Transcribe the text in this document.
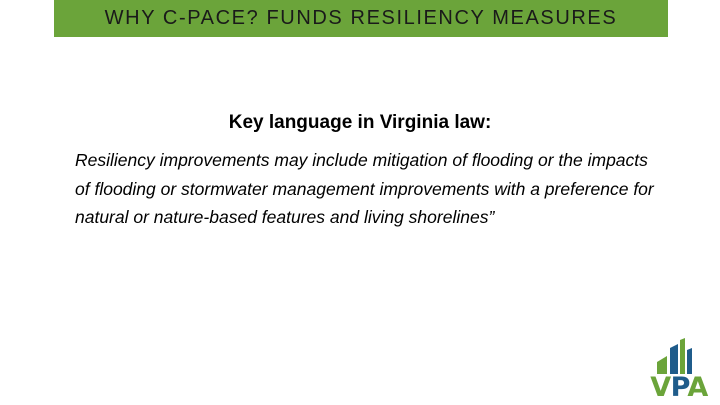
WHY C-PACE? FUNDS RESILIENCY MEASURES
Key language in Virginia law:

Resiliency improvements may include mitigation of flooding or the impacts of flooding or stormwater management improvements with a preference for natural or nature-based features and living shorelines”

VPA
